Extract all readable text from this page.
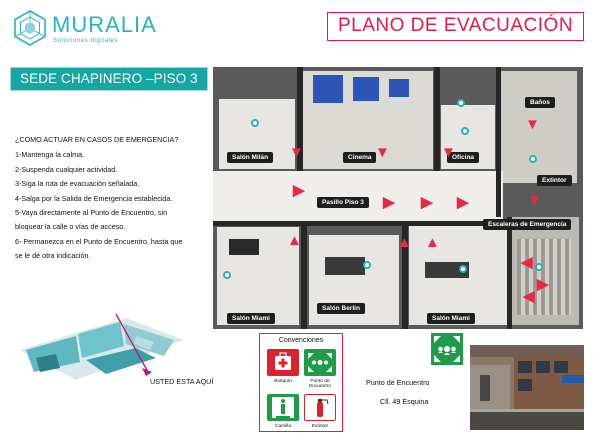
MURALIA
Soluciones digitales
PLANO DE EVACUACIÓN
SEDE CHAPINERO –PISO 3
¿COMO ACTUAR EN CASOS DE EMERGENCIA?
1-Mantenga la calma.
2-Suspenda cualquier actividad.
3-Siga la ruta de evacuación señalada.
4-Salga por la Salida de Emergencia establecida.
5-Vaya directamente al Punto de Encuentro, sin
bloquear la calle o vías de acceso.
6- Permanezca en el Punto de Encuentro, hasta que
se le dé otra indicación.
Salón Milán	Cinema	Oficina
Baños
Extintor
Pasillo Piso 3
Escaleras de Emergencia
Salón Miami
Salón Berlín
Salón Miami
▼	▼	▼
▼
▶
▶ ▶ ▶
▲	▲ ▲
▼
◀
▶
◀
USTED ESTA AQUÍ
Convenciones
Botiquín	Punto de Encuentro
Camilla	Extintor
Punto de Encuentro
Cll. 49 Esquina
